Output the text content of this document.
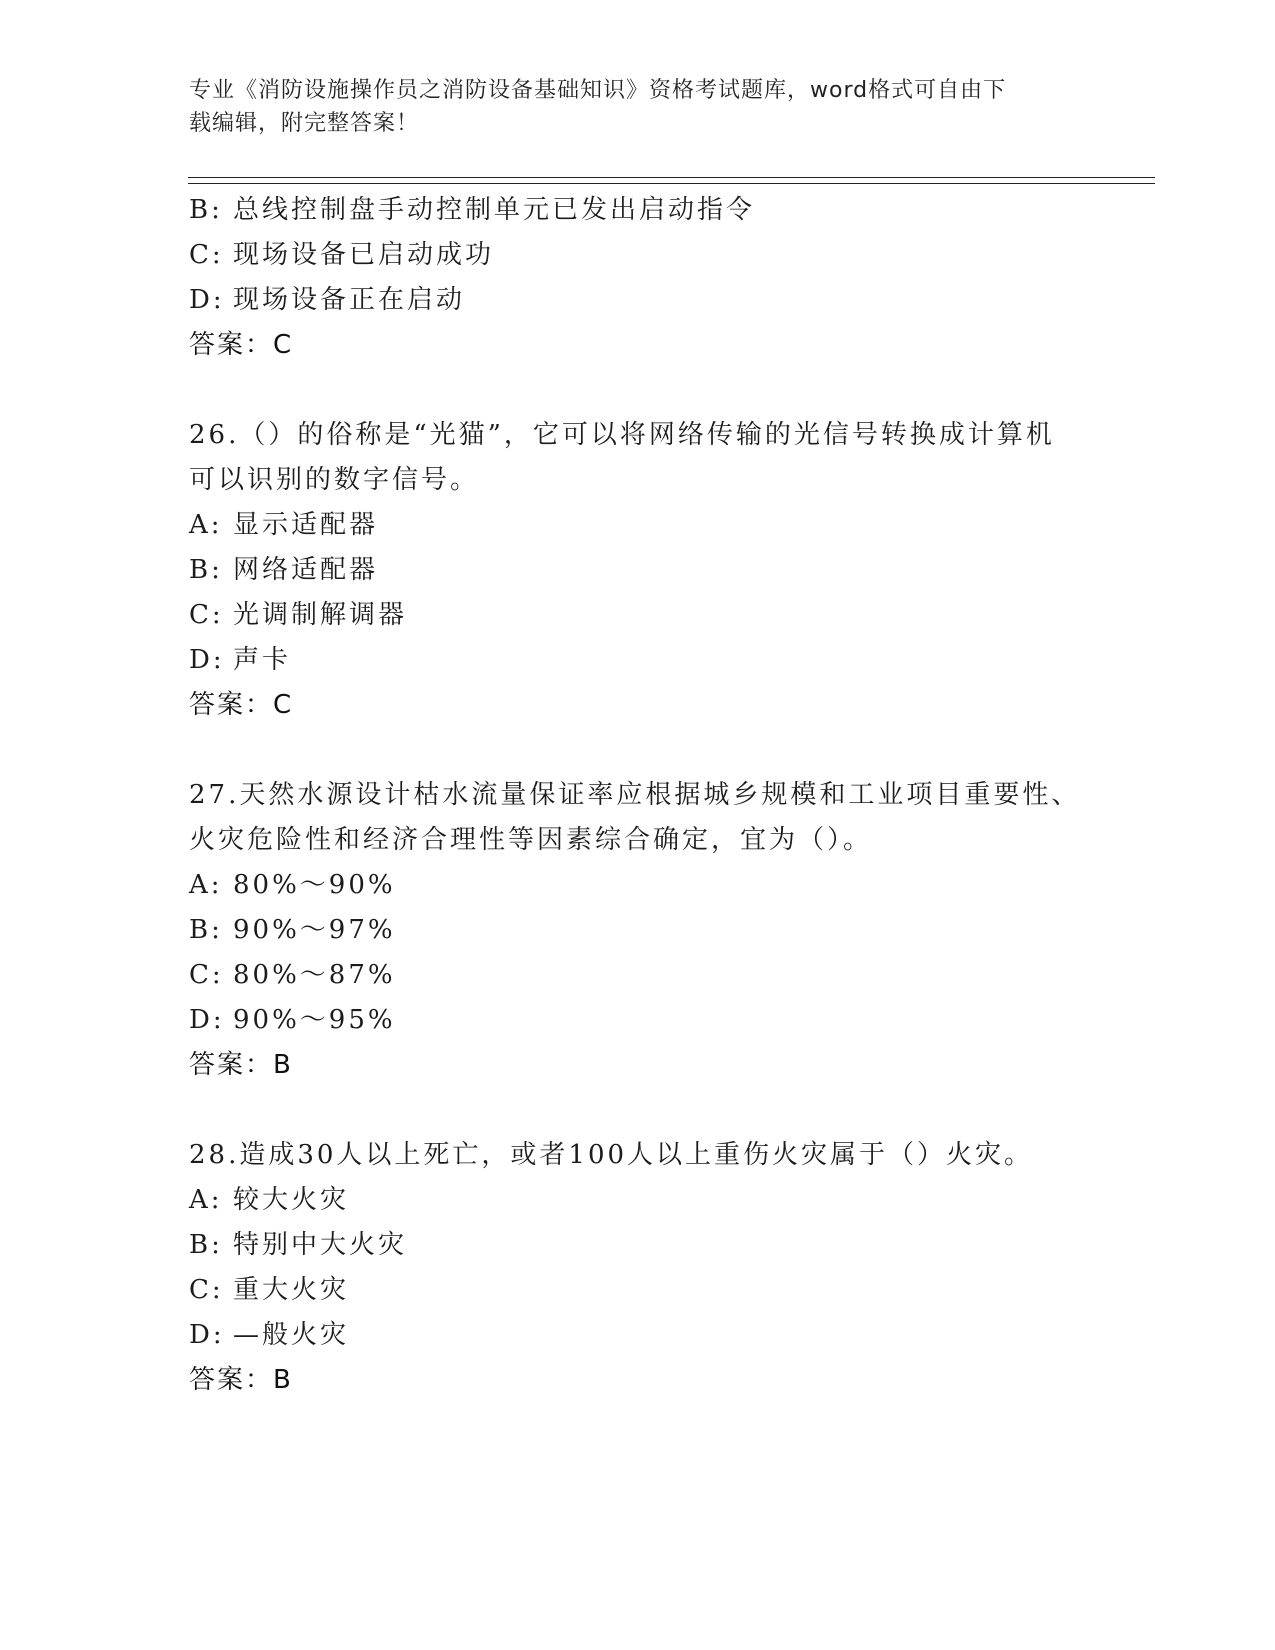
专业《消防设施操作员之消防设备基础知识》资格考试题库，word格式可自由下
载编辑，附完整答案！
B: 总线控制盘手动控制单元已发出启动指令
C: 现场设备已启动成功
D: 现场设备正在启动
答案：C
26.（）的俗称是“光猫”，它可以将网络传输的光信号转换成计算机
可以识别的数字信号。
A: 显示适配器
B: 网络适配器
C: 光调制解调器
D: 声卡
答案：C
27.天然水源设计枯水流量保证率应根据城乡规模和工业项目重要性、
火灾危险性和经济合理性等因素综合确定，宜为（）。
A: 80%～90%
B: 90%～97%
C: 80%～87%
D: 90%～95%
答案：B
28.造成30人以上死亡，或者100人以上重伤火灾属于（）火灾。
A: 较大火灾
B: 特别中大火灾
C: 重大火灾
D: —般火灾
答案：B
